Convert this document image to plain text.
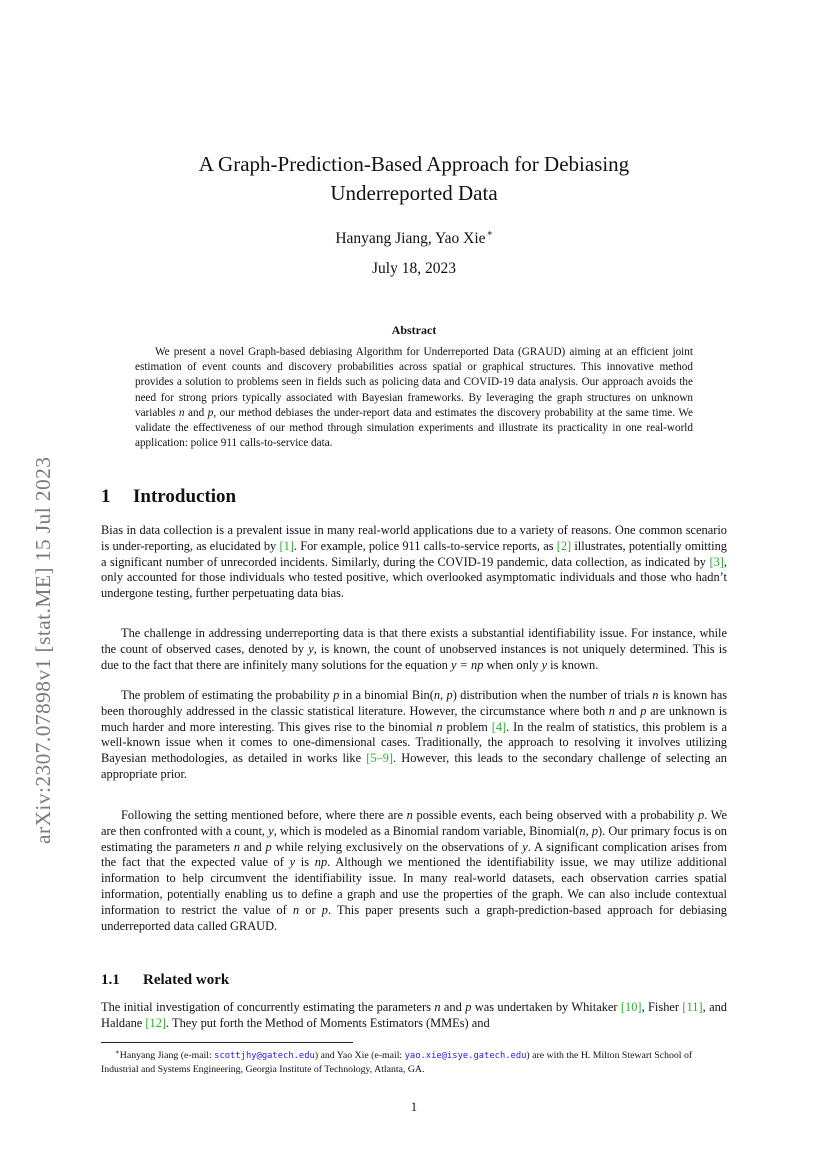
arXiv:2307.07898v1 [stat.ME] 15 Jul 2023
A Graph-Prediction-Based Approach for Debiasing
Underreported Data
Hanyang Jiang, Yao Xie∗
July 18, 2023
Abstract

We present a novel Graph-based debiasing Algorithm for Underreported Data (GRAUD) aiming at an efficient joint estimation of event counts and discovery probabilities across spatial or graphical structures. This innovative method provides a solution to problems seen in fields such as policing data and COVID-19 data analysis. Our approach avoids the need for strong priors typically associated with Bayesian frameworks. By leveraging the graph structures on unknown variables n and p, our method debiases the under-report data and estimates the discovery probability at the same time. We validate the effectiveness of our method through simulation experiments and illustrate its practicality in one real-world application: police 911 calls-to-service data.

1 Introduction

Bias in data collection is a prevalent issue in many real-world applications due to a variety of reasons. One common scenario is under-reporting, as elucidated by [1]. For example, police 911 calls-to-service reports, as [2] illustrates, potentially omitting a significant number of unrecorded incidents. Similarly, during the COVID-19 pandemic, data collection, as indicated by [3], only accounted for those individuals who tested positive, which overlooked asymptomatic individuals and those who hadn’t undergone testing, further perpetuating data bias.

The challenge in addressing underreporting data is that there exists a substantial identifiability issue. For instance, while the count of observed cases, denoted by y, is known, the count of unobserved instances is not uniquely determined. This is due to the fact that there are infinitely many solutions for the equation y = np when only y is known.

The problem of estimating the probability p in a binomial Bin(n, p) distribution when the number of trials n is known has been thoroughly addressed in the classic statistical literature. However, the circumstance where both n and p are unknown is much harder and more interesting. This gives rise to the binomial n problem [4]. In the realm of statistics, this problem is a well-known issue when it comes to one-dimensional cases. Traditionally, the approach to resolving it involves utilizing Bayesian methodologies, as detailed in works like [5–9]. However, this leads to the secondary challenge of selecting an appropriate prior.

Following the setting mentioned before, where there are n possible events, each being observed with a probability p. We are then confronted with a count, y, which is modeled as a Binomial random variable, Binomial(n, p). Our primary focus is on estimating the parameters n and p while relying exclusively on the observations of y. A significant complication arises from the fact that the expected value of y is np. Although we mentioned the identifiability issue, we may utilize additional information to help circumvent the identifiability issue. In many real-world datasets, each observation carries spatial information, potentially enabling us to define a graph and use the properties of the graph. We can also include contextual information to restrict the value of n or p. This paper presents such a graph-prediction-based approach for debiasing underreported data called GRAUD.

1.1 Related work

The initial investigation of concurrently estimating the parameters n and p was undertaken by Whitaker [10], Fisher [11], and Haldane [12]. They put forth the Method of Moments Estimators (MMEs) and

∗Hanyang Jiang (e-mail: scottjhy@gatech.edu) and Yao Xie (e-mail: yao.xie@isye.gatech.edu) are with the H. Milton Stewart School of Industrial and Systems Engineering, Georgia Institute of Technology, Atlanta, GA.
1
